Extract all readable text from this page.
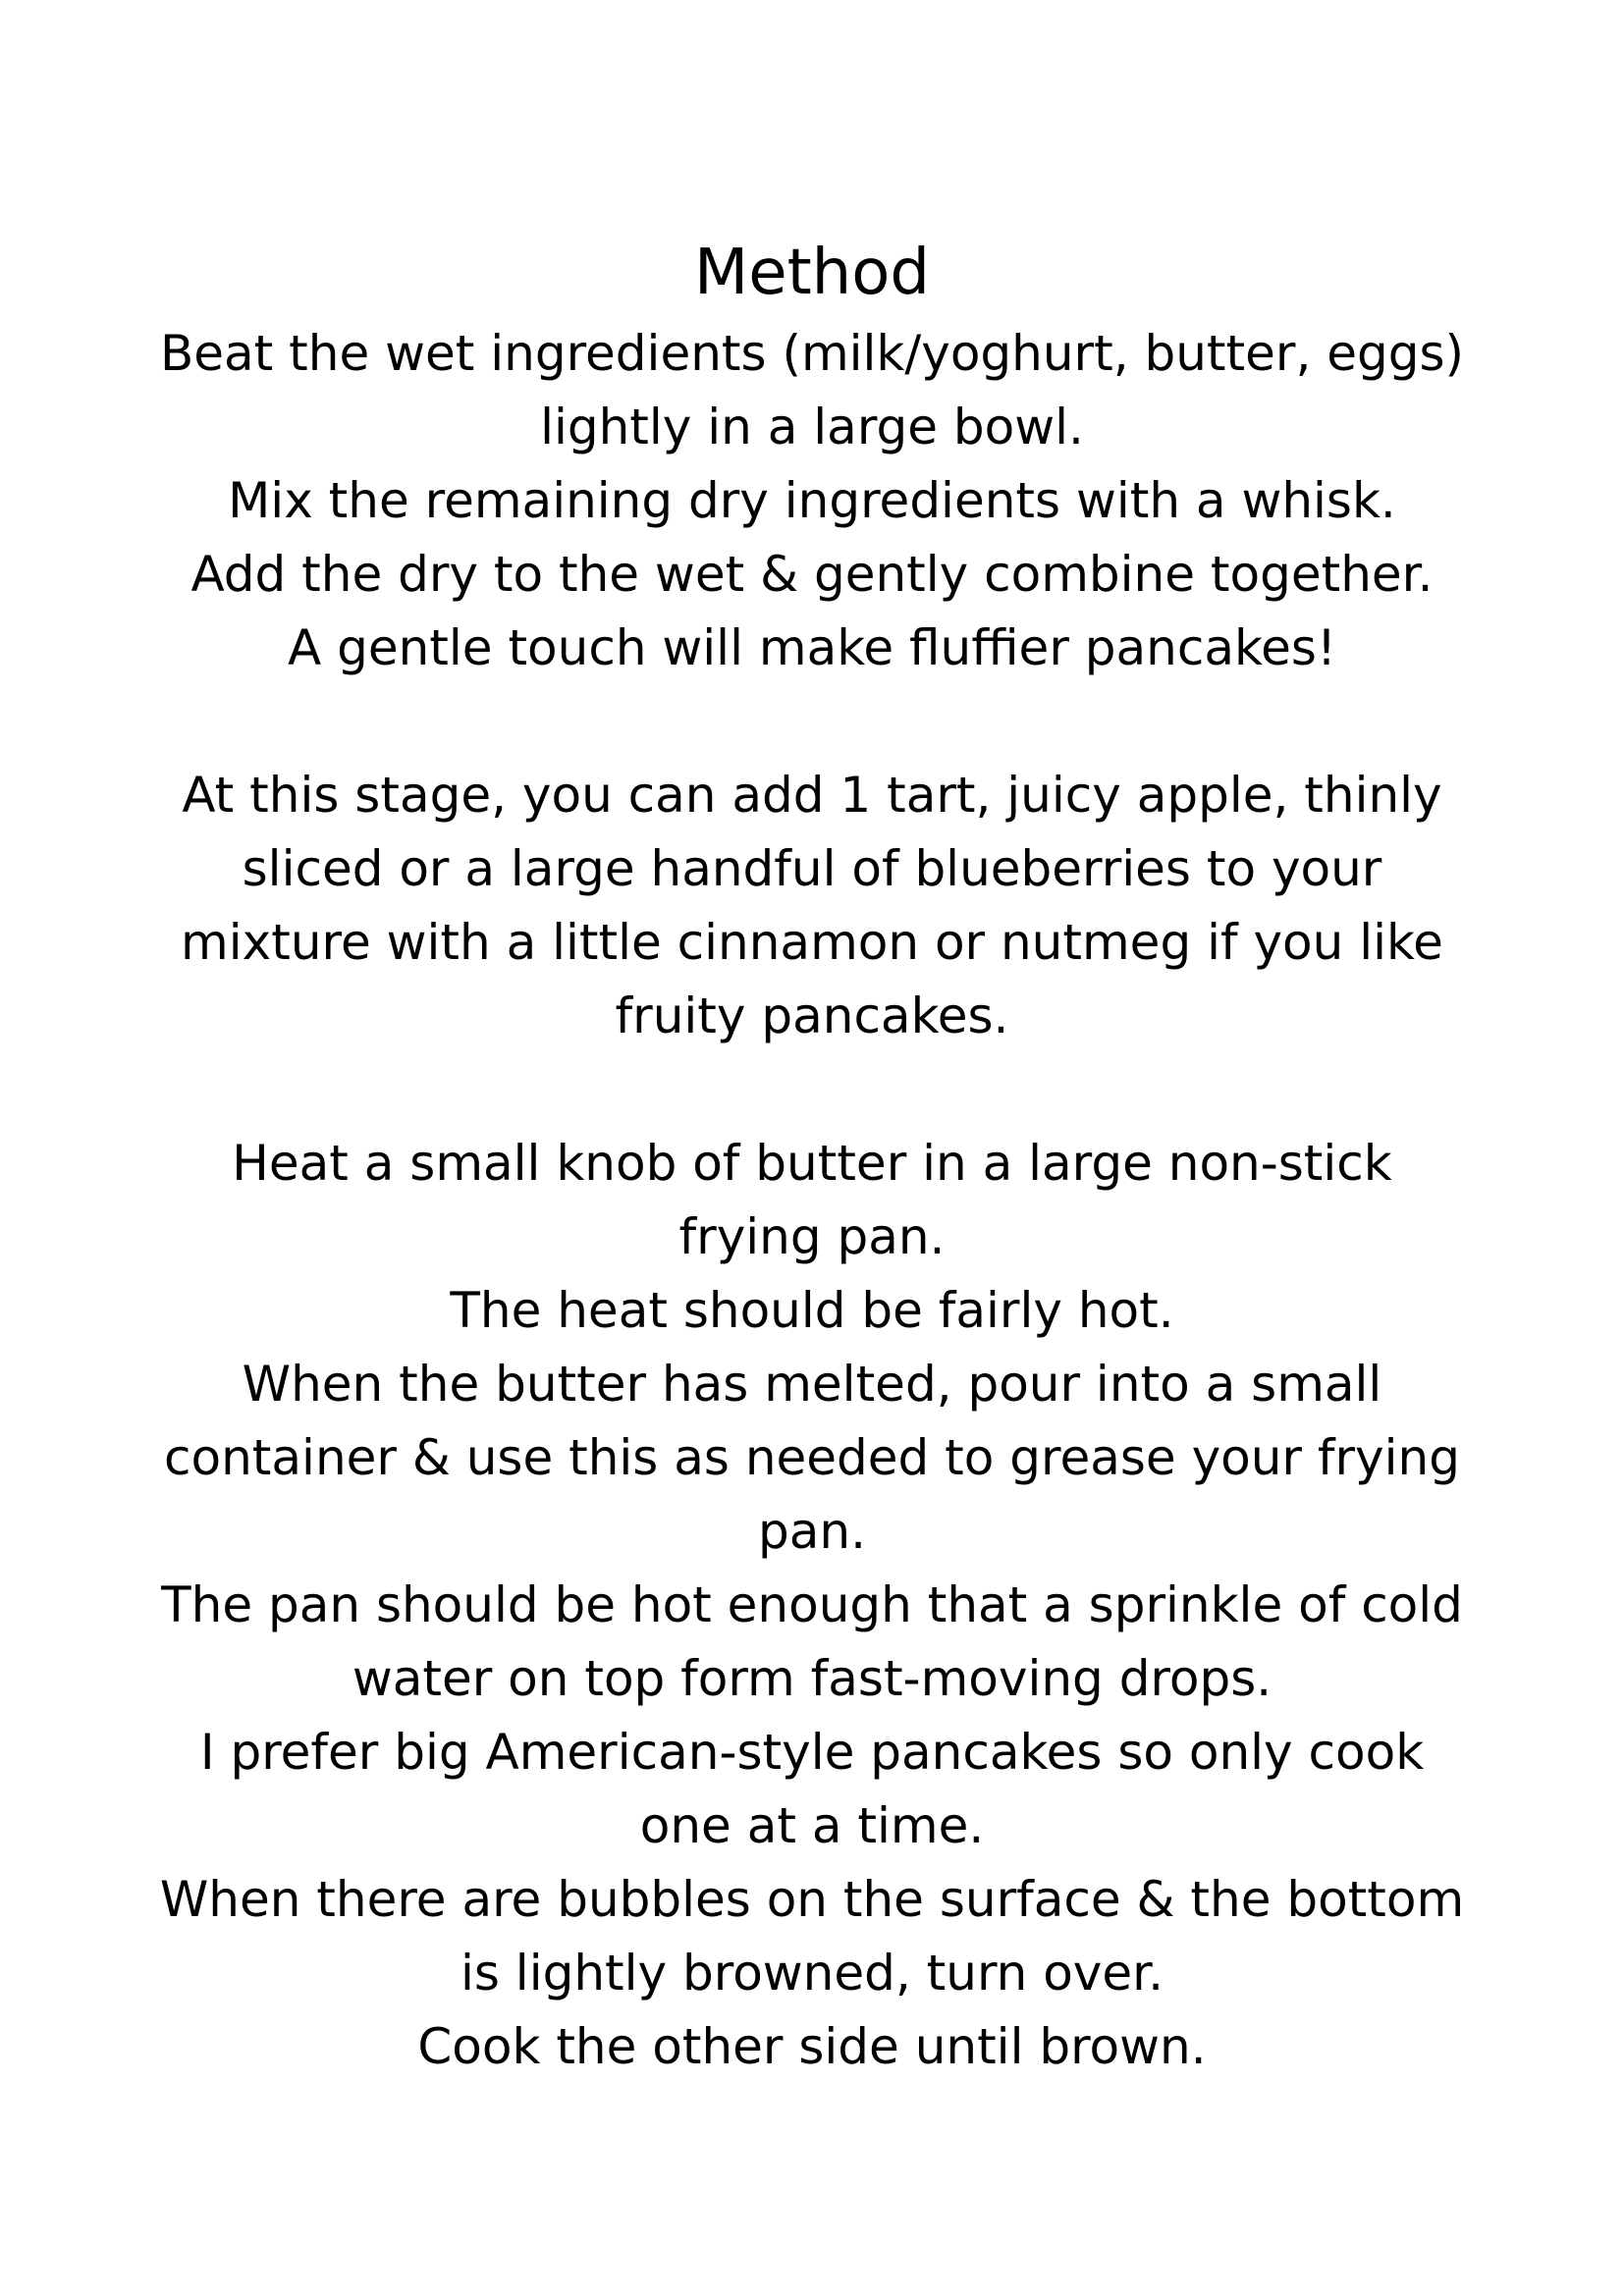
Method
Beat the wet ingredients (milk/yoghurt, butter, eggs)
lightly in a large bowl.
Mix the remaining dry ingredients with a whisk.
Add the dry to the wet & gently combine together.
A gentle touch will make fluffier pancakes!
At this stage, you can add 1 tart, juicy apple, thinly
sliced or a large handful of blueberries to your
mixture with a little cinnamon or nutmeg if you like
fruity pancakes.
Heat a small knob of butter in a large non-stick
frying pan.
The heat should be fairly hot.
When the butter has melted, pour into a small
container & use this as needed to grease your frying
pan.
The pan should be hot enough that a sprinkle of cold
water on top form fast-moving drops.
I prefer big American-style pancakes so only cook
one at a time.
When there are bubbles on the surface & the bottom
is lightly browned, turn over.
Cook the other side until brown.
